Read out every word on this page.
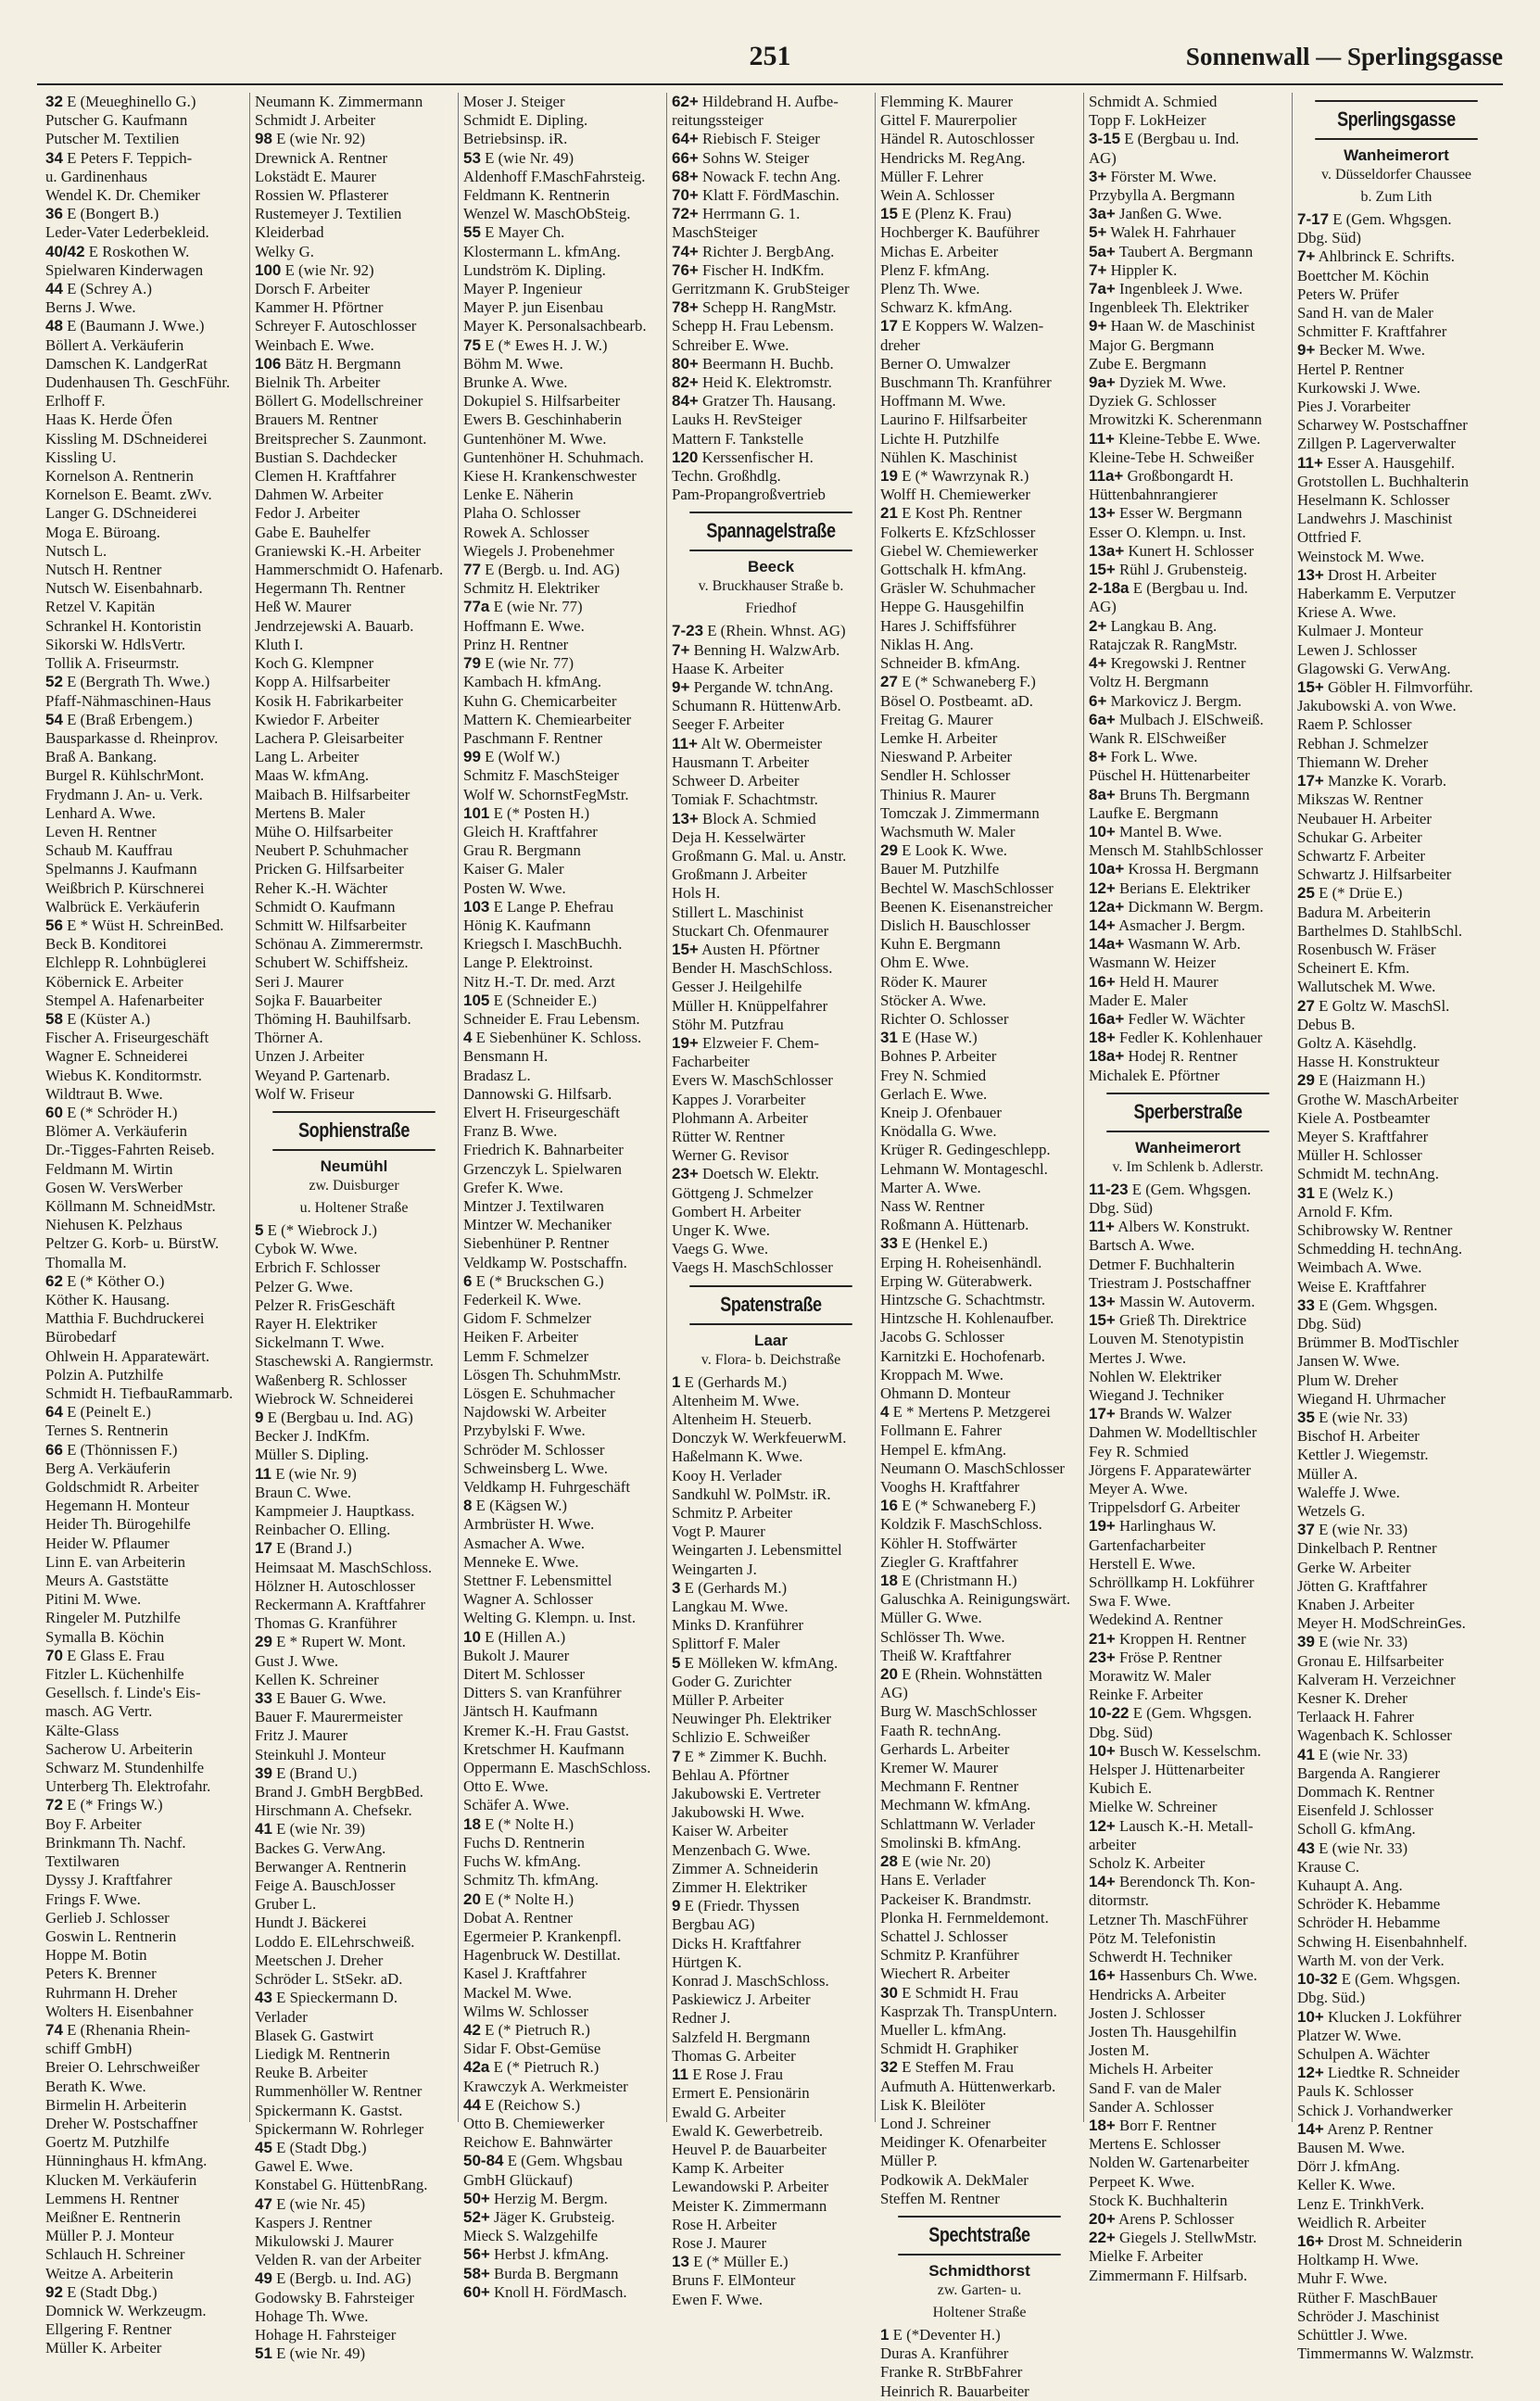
251	Sonnenwall — Sperlingsgasse
32 E (Meueghinello G.)
Putscher G. Kaufmann
Putscher M. Textilien
34 E Peters F. Teppich-
u. Gardinenhaus
Wendel K. Dr. Chemiker
36 E (Bongert B.)
Leder-Vater Lederbekleid.
40/42 E Roskothen W.
Spielwaren Kinderwagen
44 E (Schrey A.)
Berns J. Wwe.
48 E (Baumann J. Wwe.)
Böllert A. Verkäuferin
Damschen K. LandgerRat
Dudenhausen Th. GeschFühr.
Erlhoff F.
Haas K. Herde Öfen
Kissling M. DSchneiderei
Kissling U.
Kornelson A. Rentnerin
Kornelson E. Beamt. zWv.
Langer G. DSchneiderei
Moga E. Büroang.
Nutsch L.
Nutsch H. Rentner
Nutsch W. Eisenbahnarb.
Retzel V. Kapitän
Schrankel H. Kontoristin
Sikorski W. HdlsVertr.
Tollik A. Friseurmstr.
52 E (Bergrath Th. Wwe.)
Pfaff-Nähmaschinen-Haus
54 E (Braß Erbengem.)
Bausparkasse d. Rheinprov.
Braß A. Bankang.
Burgel R. KühlschrMont.
Frydmann J. An- u. Verk.
Lenhard A. Wwe.
Leven H. Rentner
Schaub M. Kauffrau
Spelmanns J. Kaufmann
Weißbrich P. Kürschnerei
Walbrück E. Verkäuferin
56 E * Wüst H. SchreinBed.
Beck B. Konditorei
Elchlepp R. Lohnbüglerei
Köbernick E. Arbeiter
Stempel A. Hafenarbeiter
58 E (Küster A.)
Fischer A. Friseurgeschäft
Wagner E. Schneiderei
Wiebus K. Konditormstr.
Wildtraut B. Wwe.
60 E (* Schröder H.)
Blömer A. Verkäuferin
Dr.-Tigges-Fahrten Reiseb.
Feldmann M. Wirtin
Gosen W. VersWerber
Köllmann M. SchneidMstr.
Niehusen K. Pelzhaus
Peltzer G. Korb- u. BürstW.
Thomalla M.
62 E (* Köther O.)
Köther K. Hausang.
Matthia F. Buchdruckerei
Bürobedarf
Ohlwein H. Apparatewärt.
Polzin A. Putzhilfe
Schmidt H. TiefbauRammarb.
64 E (Peinelt E.)
Ternes S. Rentnerin
66 E (Thönnissen F.)
Berg A. Verkäuferin
Goldschmidt R. Arbeiter
Hegemann H. Monteur
Heider Th. Bürogehilfe
Heider W. Pflaumer
Linn E. van Arbeiterin
Meurs A. Gaststätte
Pitini M. Wwe.
Ringeler M. Putzhilfe
Symalla B. Köchin
70 E Glass E. Frau
Fitzler L. Küchenhilfe
Gesellsch. f. Linde's Eis-
masch. AG Vertr.
Kälte-Glass
Sacherow U. Arbeiterin
Schwarz M. Stundenhilfe
Unterberg Th. Elektrofahr.
72 E (* Frings W.)
Boy F. Arbeiter
Brinkmann Th. Nachf.
Textilwaren
Dyssy J. Kraftfahrer
Frings F. Wwe.
Gerlieb J. Schlosser
Goswin L. Rentnerin
Hoppe M. Botin
Peters K. Brenner
Ruhrmann H. Dreher
Wolters H. Eisenbahner
74 E (Rhenania Rhein-
schiff GmbH)
Breier O. Lehrschweißer
Berath K. Wwe.
Birmelin H. Arbeiterin
Dreher W. Postschaffner
Goertz M. Putzhilfe
Hünninghaus H. kfmAng.
Klucken M. Verkäuferin
Lemmens H. Rentner
Meißner E. Rentnerin
Müller P. J. Monteur
Schlauch H. Schreiner
Weitze A. Arbeiterin
92 E (Stadt Dbg.)
Domnick W. Werkzeugm.
Ellgering F. Rentner
Müller K. Arbeiter
Neumann K. Zimmermann
Schmidt J. Arbeiter
98 E (wie Nr. 92)
Drewnick A. Rentner
Lokstädt E. Maurer
Rossien W. Pflasterer
Rustemeyer J. Textilien
Kleiderbad
Welky G.
100 E (wie Nr. 92)
Dorsch F. Arbeiter
Kammer H. Pförtner
Schreyer F. Autoschlosser
Weinbach E. Wwe.
106 Bätz H. Bergmann
Bielnik Th. Arbeiter
Böllert G. Modellschreiner
Brauers M. Rentner
Breitsprecher S. Zaunmont.
Bustian S. Dachdecker
Clemen H. Kraftfahrer
Dahmen W. Arbeiter
Fedor J. Arbeiter
Gabe E. Bauhelfer
Graniewski K.-H. Arbeiter
Hammerschmidt O. Hafenarb.
Hegermann Th. Rentner
Heß W. Maurer
Jendrzejewski A. Bauarb.
Kluth I.
Koch G. Klempner
Kopp A. Hilfsarbeiter
Kosik H. Fabrikarbeiter
Kwiedor F. Arbeiter
Lachera P. Gleisarbeiter
Lang L. Arbeiter
Maas W. kfmAng.
Maibach B. Hilfsarbeiter
Mertens B. Maler
Mühe O. Hilfsarbeiter
Neubert P. Schuhmacher
Pricken G. Hilfsarbeiter
Reher K.-H. Wächter
Schmidt O. Kaufmann
Schmitt W. Hilfsarbeiter
Schönau A. Zimmerermstr.
Schubert W. Schiffsheiz.
Seri J. Maurer
Sojka F. Bauarbeiter
Thöming H. Bauhilfsarb.
Thörner A.
Unzen J. Arbeiter
Weyand P. Gartenarb.
Wolf W. Friseur
Sophienstraße
Neumühl
zw. Duisburger
u. Holtener Straße
5 E (* Wiebrock J.)
Cybok W. Wwe.
Erbrich F. Schlosser
Pelzer G. Wwe.
Pelzer R. FrisGeschäft
Rayer H. Elektriker
Sickelmann T. Wwe.
Staschewski A. Rangiermstr.
Waßenberg R. Schlosser
Wiebrock W. Schneiderei
9 E (Bergbau u. Ind. AG)
Becker J. IndKfm.
Müller S. Dipling.
11 E (wie Nr. 9)
Braun C. Wwe.
Kampmeier J. Hauptkass.
Reinbacher O. Elling.
17 E (Brand J.)
Heimsaat M. MaschSchloss.
Hölzner H. Autoschlosser
Reckermann A. Kraftfahrer
Thomas G. Kranführer
29 E * Rupert W. Mont.
Gust J. Wwe.
Kellen K. Schreiner
33 E Bauer G. Wwe.
Bauer F. Maurermeister
Fritz J. Maurer
Steinkuhl J. Monteur
39 E (Brand U.)
Brand J. GmbH BergbBed.
Hirschmann A. Chefsekr.
41 E (wie Nr. 39)
Backes G. VerwAng.
Berwanger A. Rentnerin
Feige A. BauschJosser
Gruber L.
Hundt J. Bäckerei
Loddo E. ElLehrschweiß.
Meetschen J. Dreher
Schröder L. StSekr. aD.
43 E Spieckermann D.
Verlader
Blasek G. Gastwirt
Liedigk M. Rentnerin
Reuke B. Arbeiter
Rummenhöller W. Rentner
Spickermann K. Gastst.
Spickermann W. Rohrleger
45 E (Stadt Dbg.)
Gawel E. Wwe.
Konstabel G. HüttenbRang.
47 E (wie Nr. 45)
Kaspers J. Rentner
Mikulowski J. Maurer
Velden R. van der Arbeiter
49 E (Bergb. u. Ind. AG)
Godowsky B. Fahrsteiger
Hohage Th. Wwe.
Hohage H. Fahrsteiger
51 E (wie Nr. 49)
Moser J. Steiger
Schmidt E. Dipling.
Betriebsinsp. iR.
53 E (wie Nr. 49)
Aldenhoff F.MaschFahrsteig.
Feldmann K. Rentnerin
Wenzel W. MaschObSteig.
55 E Mayer Ch.
Klostermann L. kfmAng.
Lundström K. Dipling.
Mayer P. Ingenieur
Mayer P. jun Eisenbau
Mayer K. Personalsachbearb.
75 E (* Ewes H. J. W.)
Böhm M. Wwe.
Brunke A. Wwe.
Dokupiel S. Hilfsarbeiter
Ewers B. Geschinhaberin
Guntenhöner M. Wwe.
Guntenhöner H. Schuhmach.
Kiese H. Krankenschwester
Lenke E. Näherin
Plaha O. Schlosser
Rowek A. Schlosser
Wiegels J. Probenehmer
77 E (Bergb. u. Ind. AG)
Schmitz H. Elektriker
77a E (wie Nr. 77)
Hoffmann E. Wwe.
Prinz H. Rentner
79 E (wie Nr. 77)
Kambach H. kfmAng.
Kuhn G. Chemicarbeiter
Mattern K. Chemiearbeiter
Paschmann F. Rentner
99 E (Wolf W.)
Schmitz F. MaschSteiger
Wolf W. SchornstFegMstr.
101 E (* Posten H.)
Gleich H. Kraftfahrer
Grau R. Bergmann
Kaiser G. Maler
Posten W. Wwe.
103 E Lange P. Ehefrau
Hönig K. Kaufmann
Kriegsch I. MaschBuchh.
Lange P. Elektroinst.
Nitz H.-T. Dr. med. Arzt
105 E (Schneider E.)
Schneider E. Frau Lebensm.
4 E Siebenhüner K. Schloss.
Bensmann H.
Bradasz L.
Dannowski G. Hilfsarb.
Elvert H. Friseurgeschäft
Franz B. Wwe.
Friedrich K. Bahnarbeiter
Grzenczyk L. Spielwaren
Grefer K. Wwe.
Mintzer J. Textilwaren
Mintzer W. Mechaniker
Siebenhüner P. Rentner
Veldkamp W. Postschaffn.
6 E (* Bruckschen G.)
Federkeil K. Wwe.
Gidom F. Schmelzer
Heiken F. Arbeiter
Lemm F. Schmelzer
Lösgen Th. SchuhmMstr.
Lösgen E. Schuhmacher
Najdowski W. Arbeiter
Przybylski F. Wwe.
Schröder M. Schlosser
Schweinsberg L. Wwe.
Veldkamp H. Fuhrgeschäft
8 E (Kägsen W.)
Armbrüster H. Wwe.
Asmacher A. Wwe.
Menneke E. Wwe.
Stettner F. Lebensmittel
Wagner A. Schlosser
Welting G. Klempn. u. Inst.
10 E (Hillen A.)
Bukolt J. Maurer
Ditert M. Schlosser
Ditters S. van Kranführer
Jäntsch H. Kaufmann
Kremer K.-H. Frau Gastst.
Kretschmer H. Kaufmann
Oppermann E. MaschSchloss.
Otto E. Wwe.
Schäfer A. Wwe.
18 E (* Nolte H.)
Fuchs D. Rentnerin
Fuchs W. kfmAng.
Schmitz Th. kfmAng.
20 E (* Nolte H.)
Dobat A. Rentner
Egermeier P. Krankenpfl.
Hagenbruck W. Destillat.
Kasel J. Kraftfahrer
Mackel M. Wwe.
Wilms W. Schlosser
42 E (* Pietruch R.)
Sidar F. Obst-Gemüse
42a E (* Pietruch R.)
Krawczyk A. Werkmeister
44 E (Reichow S.)
Otto B. Chemiewerker
Reichow E. Bahnwärter
50-84 E (Gem. Whgsbau
GmbH Glückauf)
50+ Herzig M. Bergm.
52+ Jäger K. Grubsteig.
Mieck S. Walzgehilfe
56+ Herbst J. kfmAng.
58+ Burda B. Bergmann
60+ Knoll H. FördMasch.
62+ Hildebrand H. Aufbe-
reitungssteiger
64+ Riebisch F. Steiger
66+ Sohns W. Steiger
68+ Nowack F. techn Ang.
70+ Klatt F. FördMaschin.
72+ Herrmann G. 1.
MaschSteiger
74+ Richter J. BergbAng.
76+ Fischer H. IndKfm.
Gerritzmann K. GrubSteiger
78+ Schepp H. RangMstr.
Schepp H. Frau Lebensm.
Schreiber E. Wwe.
80+ Beermann H. Buchb.
82+ Heid K. Elektromstr.
84+ Gratzer Th. Hausang.
Lauks H. RevSteiger
Mattern F. Tankstelle
120 Kerssenfischer H.
Techn. Großhdlg.
Pam-Propangroßvertrieb
Spannagelstraße
Beeck
v. Bruckhauser Straße b.
Friedhof
7-23 E (Rhein. Whnst. AG)
7+ Benning H. WalzwArb.
Haase K. Arbeiter
9+ Pergande W. tchnAng.
Schumann R. HüttenwArb.
Seeger F. Arbeiter
11+ Alt W. Obermeister
Hausmann T. Arbeiter
Schweer D. Arbeiter
Tomiak F. Schachtmstr.
13+ Block A. Schmied
Deja H. Kesselwärter
Großmann G. Mal. u. Anstr.
Großmann J. Arbeiter
Hols H.
Stillert L. Maschinist
Stuckart Ch. Ofenmaurer
15+ Austen H. Pförtner
Bender H. MaschSchloss.
Gesser J. Heilgehilfe
Müller H. Knüppelfahrer
Stöhr M. Putzfrau
19+ Elzweier F. Chem-
Facharbeiter
Evers W. MaschSchlosser
Kappes J. Vorarbeiter
Plohmann A. Arbeiter
Rütter W. Rentner
Werner G. Revisor
23+ Doetsch W. Elektr.
Göttgeng J. Schmelzer
Gombert H. Arbeiter
Unger K. Wwe.
Vaegs G. Wwe.
Vaegs H. MaschSchlosser
Spatenstraße
Laar
v. Flora- b. Deichstraße
1 E (Gerhards M.)
Altenheim M. Wwe.
Altenheim H. Steuerb.
Donczyk W. WerkfeuerwM.
Haßelmann K. Wwe.
Kooy H. Verlader
Sandkuhl W. PolMstr. iR.
Schmitz P. Arbeiter
Vogt P. Maurer
Weingarten J. Lebensmittel
Weingarten J.
3 E (Gerhards M.)
Langkau M. Wwe.
Minks D. Kranführer
Splittorf F. Maler
5 E Mölleken W. kfmAng.
Goder G. Zurichter
Müller P. Arbeiter
Neuwinger Ph. Elektriker
Schlizio E. Schweißer
7 E * Zimmer K. Buchh.
Behlau A. Pförtner
Jakubowski E. Vertreter
Jakubowski H. Wwe.
Kaiser W. Arbeiter
Menzenbach G. Wwe.
Zimmer A. Schneiderin
Zimmer H. Elektriker
9 E (Friedr. Thyssen
Bergbau AG)
Dicks H. Kraftfahrer
Hürtgen K.
Konrad J. MaschSchloss.
Paskiewicz J. Arbeiter
Redner J.
Salzfeld H. Bergmann
Thomas G. Arbeiter
11 E Rose J. Frau
Ermert E. Pensionärin
Ewald G. Arbeiter
Ewald K. Gewerbetreib.
Heuvel P. de Bauarbeiter
Kamp K. Arbeiter
Lewandowski P. Arbeiter
Meister K. Zimmermann
Rose H. Arbeiter
Rose J. Maurer
13 E (* Müller E.)
Bruns F. ElMonteur
Ewen F. Wwe.
Flemming K. Maurer
Gittel F. Maurerpolier
Händel R. Autoschlosser
Hendricks M. RegAng.
Müller F. Lehrer
Wein A. Schlosser
15 E (Plenz K. Frau)
Hochberger K. Bauführer
Michas E. Arbeiter
Plenz F. kfmAng.
Plenz Th. Wwe.
Schwarz K. kfmAng.
17 E Koppers W. Walzen-
dreher
Berner O. Umwalzer
Buschmann Th. Kranführer
Hoffmann M. Wwe.
Laurino F. Hilfsarbeiter
Lichte H. Putzhilfe
Nühlen K. Maschinist
19 E (* Wawrzynak R.)
Wolff H. Chemiewerker
21 E Kost Ph. Rentner
Folkerts E. KfzSchlosser
Giebel W. Chemiewerker
Gottschalk H. kfmAng.
Gräsler W. Schuhmacher
Heppe G. Hausgehilfin
Hares J. Schiffsführer
Niklas H. Ang.
Schneider B. kfmAng.
27 E (* Schwaneberg F.)
Bösel O. Postbeamt. aD.
Freitag G. Maurer
Lemke H. Arbeiter
Nieswand P. Arbeiter
Sendler H. Schlosser
Thinius R. Maurer
Tomczak J. Zimmermann
Wachsmuth W. Maler
29 E Look K. Wwe.
Bauer M. Putzhilfe
Bechtel W. MaschSchlosser
Beenen K. Eisenanstreicher
Dislich H. Bauschlosser
Kuhn E. Bergmann
Ohm E. Wwe.
Röder K. Maurer
Stöcker A. Wwe.
Richter O. Schlosser
31 E (Hase W.)
Bohnes P. Arbeiter
Frey N. Schmied
Gerlach E. Wwe.
Kneip J. Ofenbauer
Knödalla G. Wwe.
Krüger R. Gedingeschlepp.
Lehmann W. Montageschl.
Marter A. Wwe.
Nass W. Rentner
Roßmann A. Hüttenarb.
33 E (Henkel E.)
Erping H. Roheisenhändl.
Erping W. Güterabwerk.
Hintzsche G. Schachtmstr.
Hintzsche H. Kohlenaufber.
Jacobs G. Schlosser
Karnitzki E. Hochofenarb.
Kroppach M. Wwe.
Ohmann D. Monteur
4 E * Mertens P. Metzgerei
Follmann E. Fahrer
Hempel E. kfmAng.
Neumann O. MaschSchlosser
Vooghs H. Kraftfahrer
16 E (* Schwaneberg F.)
Koldzik F. MaschSchloss.
Köhler H. Stoffwärter
Ziegler G. Kraftfahrer
18 E (Christmann H.)
Galuschka A. Reinigungswärt.
Müller G. Wwe.
Schlösser Th. Wwe.
Theiß W. Kraftfahrer
20 E (Rhein. Wohnstätten
AG)
Burg W. MaschSchlosser
Faath R. technAng.
Gerhards L. Arbeiter
Kremer W. Maurer
Mechmann F. Rentner
Mechmann W. kfmAng.
Schlattmann W. Verlader
Smolinski B. kfmAng.
28 E (wie Nr. 20)
Hans E. Verlader
Packeiser K. Brandmstr.
Plonka H. Fernmeldemont.
Schattel J. Schlosser
Schmitz P. Kranführer
Wiechert R. Arbeiter
30 E Schmidt H. Frau
Kasprzak Th. TranspUntern.
Mueller L. kfmAng.
Schmidt H. Graphiker
32 E Steffen M. Frau
Aufmuth A. Hüttenwerkarb.
Lisk K. Bleilöter
Lond J. Schreiner
Meidinger K. Ofenarbeiter
Müller P.
Podkowik A. DekMaler
Steffen M. Rentner
Spechtstraße
Schmidthorst
zw. Garten- u.
Holtener Straße
1 E (*Deventer H.)
Duras A. Kranführer
Franke R. StrBbFahrer
Heinrich R. Bauarbeiter
Schmidt A. Schmied
Topp F. LokHeizer
3-15 E (Bergbau u. Ind.
AG)
3+ Förster M. Wwe.
Przybylla A. Bergmann
3a+ Janßen G. Wwe.
5+ Walek H. Fahrhauer
5a+ Taubert A. Bergmann
7+ Hippler K.
7a+ Ingenbleek J. Wwe.
Ingenbleek Th. Elektriker
9+ Haan W. de Maschinist
Major G. Bergmann
Zube E. Bergmann
9a+ Dyziek M. Wwe.
Dyziek G. Schlosser
Mrowitzki K. Scherenmann
11+ Kleine-Tebbe E. Wwe.
Kleine-Tebe H. Schweißer
11a+ Großbongardt H.
Hüttenbahnrangierer
13+ Esser W. Bergmann
Esser O. Klempn. u. Inst.
13a+ Kunert H. Schlosser
15+ Rühl J. Grubensteig.
2-18a E (Bergbau u. Ind.
AG)
2+ Langkau B. Ang.
Ratajczak R. RangMstr.
4+ Kregowski J. Rentner
Voltz H. Bergmann
6+ Markovicz J. Bergm.
6a+ Mulbach J. ElSchweiß.
Wank R. ElSchweißer
8+ Fork L. Wwe.
Püschel H. Hüttenarbeiter
8a+ Bruns Th. Bergmann
Laufke E. Bergmann
10+ Mantel B. Wwe.
Mensch M. StahlbSchlosser
10a+ Krossa H. Bergmann
12+ Berians E. Elektriker
12a+ Dickmann W. Bergm.
14+ Asmacher J. Bergm.
14a+ Wasmann W. Arb.
Wasmann W. Heizer
16+ Held H. Maurer
Mader E. Maler
16a+ Fedler W. Wächter
18+ Fedler K. Kohlenhauer
18a+ Hodej R. Rentner
Michalek E. Pförtner
Sperberstraße
Wanheimerort
v. Im Schlenk b. Adlerstr.
11-23 E (Gem. Whgsgen.
Dbg. Süd)
11+ Albers W. Konstrukt.
Bartsch A. Wwe.
Detmer F. Buchhalterin
Triestram J. Postschaffner
13+ Massin W. Autoverm.
15+ Grieß Th. Direktrice
Louven M. Stenotypistin
Mertes J. Wwe.
Nohlen W. Elektriker
Wiegand J. Techniker
17+ Brands W. Walzer
Dahmen W. Modelltischler
Fey R. Schmied
Jörgens F. Apparatewärter
Meyer A. Wwe.
Trippelsdorf G. Arbeiter
19+ Harlinghaus W.
Gartenfacharbeiter
Herstell E. Wwe.
Schröllkamp H. Lokführer
Swa F. Wwe.
Wedekind A. Rentner
21+ Kroppen H. Rentner
23+ Fröse P. Rentner
Morawitz W. Maler
Reinke F. Arbeiter
10-22 E (Gem. Whgsgen.
Dbg. Süd)
10+ Busch W. Kesselschm.
Helsper J. Hüttenarbeiter
Kubich E.
Mielke W. Schreiner
12+ Lausch K.-H. Metall-
arbeiter
Scholz K. Arbeiter
14+ Berendonck Th. Kon-
ditormstr.
Letzner Th. MaschFührer
Pötz M. Telefonistin
Schwerdt H. Techniker
16+ Hassenburs Ch. Wwe.
Hendricks A. Arbeiter
Josten J. Schlosser
Josten Th. Hausgehilfin
Josten M.
Michels H. Arbeiter
Sand F. van de Maler
Sander A. Schlosser
18+ Borr F. Rentner
Mertens E. Schlosser
Nolden W. Gartenarbeiter
Perpeet K. Wwe.
Stock K. Buchhalterin
20+ Arens P. Schlosser
22+ Giegels J. StellwMstr.
Mielke F. Arbeiter
Zimmermann F. Hilfsarb.
Sperlingsgasse
Wanheimerort
v. Düsseldorfer Chaussee
b. Zum Lith
7-17 E (Gem. Whgsgen.
Dbg. Süd)
7+ Ahlbrinck E. Schrifts.
Boettcher M. Köchin
Peters W. Prüfer
Sand H. van de Maler
Schmitter F. Kraftfahrer
9+ Becker M. Wwe.
Hertel P. Rentner
Kurkowski J. Wwe.
Pies J. Vorarbeiter
Scharwey W. Postschaffner
Zillgen P. Lagerverwalter
11+ Esser A. Hausgehilf.
Grotstollen L. Buchhalterin
Heselmann K. Schlosser
Landwehrs J. Maschinist
Ottfried F.
Weinstock M. Wwe.
13+ Drost H. Arbeiter
Haberkamm E. Verputzer
Kriese A. Wwe.
Kulmaer J. Monteur
Lewen J. Schlosser
Glagowski G. VerwAng.
15+ Göbler H. Filmvorführ.
Jakubowski A. von Wwe.
Raem P. Schlosser
Rebhan J. Schmelzer
Thiemann W. Dreher
17+ Manzke K. Vorarb.
Mikszas W. Rentner
Neubauer H. Arbeiter
Schukar G. Arbeiter
Schwartz F. Arbeiter
Schwartz J. Hilfsarbeiter
25 E (* Drüe E.)
Badura M. Arbeiterin
Barthelmes D. StahlbSchl.
Rosenbusch W. Fräser
Scheinert E. Kfm.
Wallutschek M. Wwe.
27 E Goltz W. MaschSl.
Debus B.
Goltz A. Käsehdlg.
Hasse H. Konstrukteur
29 E (Haizmann H.)
Grothe W. MaschArbeiter
Kiele A. Postbeamter
Meyer S. Kraftfahrer
Müller H. Schlosser
Schmidt M. technAng.
31 E (Welz K.)
Arnold F. Kfm.
Schibrowsky W. Rentner
Schmedding H. technAng.
Weimbach A. Wwe.
Weise E. Kraftfahrer
33 E (Gem. Whgsgen.
Dbg. Süd)
Brümmer B. ModTischler
Jansen W. Wwe.
Plum W. Dreher
Wiegand H. Uhrmacher
35 E (wie Nr. 33)
Bischof H. Arbeiter
Kettler J. Wiegemstr.
Müller A.
Waleffe J. Wwe.
Wetzels G.
37 E (wie Nr. 33)
Dinkelbach P. Rentner
Gerke W. Arbeiter
Jötten G. Kraftfahrer
Knaben J. Arbeiter
Meyer H. ModSchreinGes.
39 E (wie Nr. 33)
Gronau E. Hilfsarbeiter
Kalveram H. Verzeichner
Kesner K. Dreher
Terlaack H. Fahrer
Wagenbach K. Schlosser
41 E (wie Nr. 33)
Bargenda A. Rangierer
Dommach K. Rentner
Eisenfeld J. Schlosser
Scholl G. kfmAng.
43 E (wie Nr. 33)
Krause C.
Kuhaupt A. Ang.
Schröder K. Hebamme
Schröder H. Hebamme
Schwing H. Eisenbahnhelf.
Warth M. von der Verk.
10-32 E (Gem. Whgsgen.
Dbg. Süd.)
10+ Klucken J. Lokführer
Platzer W. Wwe.
Schulpen A. Wächter
12+ Liedtke R. Schneider
Pauls K. Schlosser
Schick J. Vorhandwerker
14+ Arenz P. Rentner
Bausen M. Wwe.
Dörr J. kfmAng.
Keller K. Wwe.
Lenz E. TrinkhVerk.
Weidlich R. Arbeiter
16+ Drost M. Schneiderin
Holtkamp H. Wwe.
Muhr F. Wwe.
Rüther F. MaschBauer
Schröder J. Maschinist
Schüttler J. Wwe.
Timmermanns W. Walzmstr.
